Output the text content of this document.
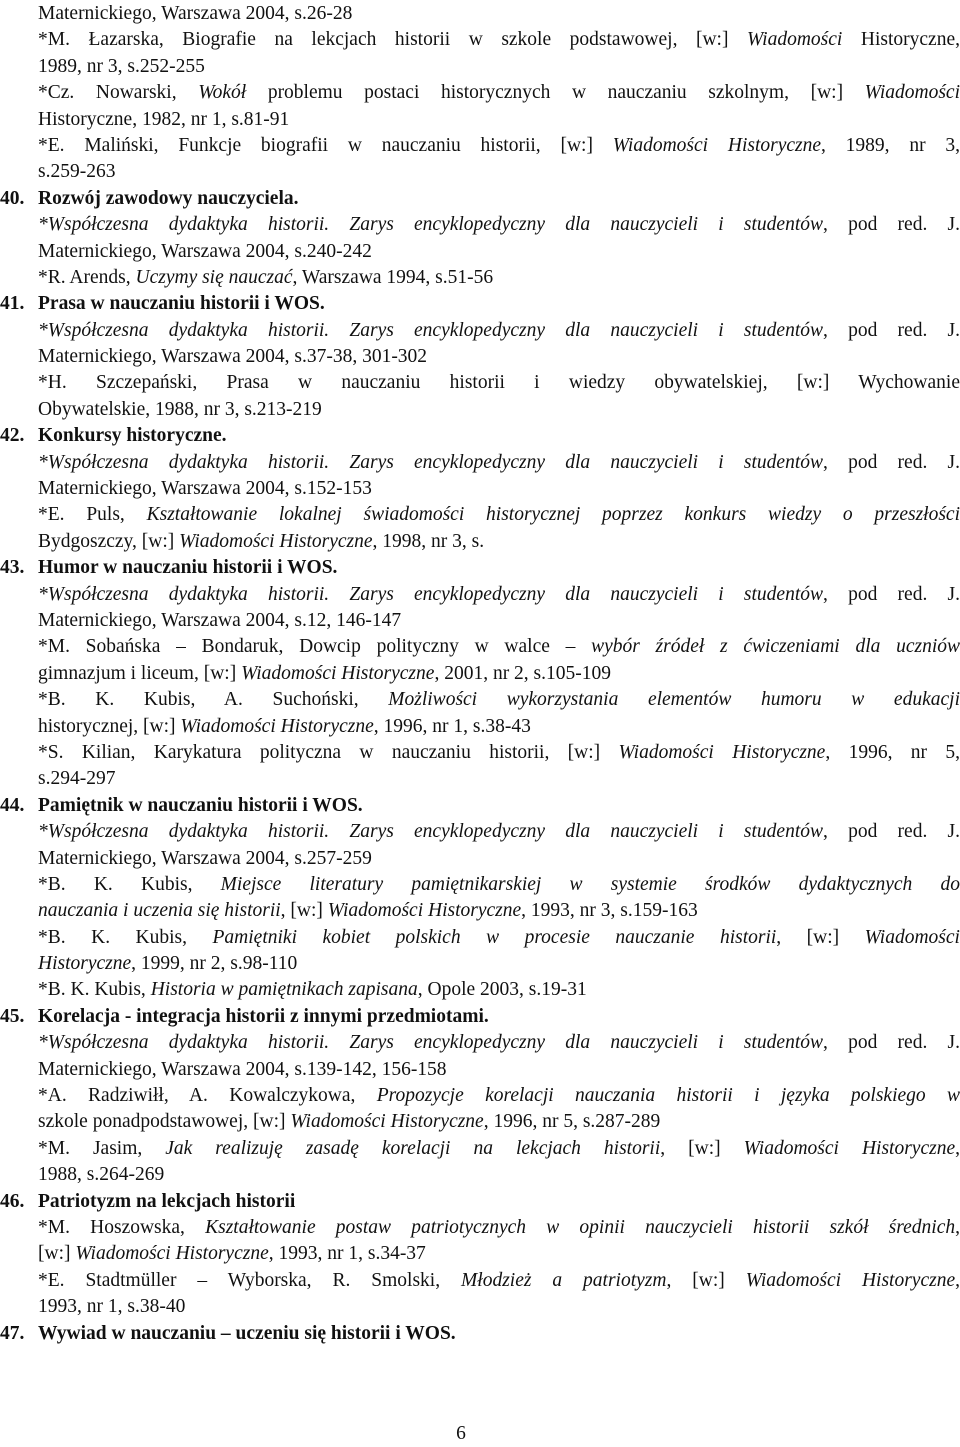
Maternickiego, Warszawa 2004, s.26-28
*M. Łazarska, Biografie na lekcjach historii w szkole podstawowej, [w:] Wiadomości Historyczne,
1989, nr 3, s.252-255
*Cz. Nowarski, Wokół problemu postaci historycznych w nauczaniu szkolnym, [w:] Wiadomości
Historyczne, 1982, nr 1, s.81-91
*E. Maliński, Funkcje biografii w nauczaniu historii, [w:] Wiadomości Historyczne, 1989, nr 3,
s.259-263
40. Rozwój zawodowy nauczyciela.
*Współczesna dydaktyka historii. Zarys encyklopedyczny dla nauczycieli i studentów, pod red. J.
Maternickiego, Warszawa 2004, s.240-242
*R. Arends, Uczymy się nauczać, Warszawa 1994, s.51-56
41. Prasa w nauczaniu historii i WOS.
*Współczesna dydaktyka historii. Zarys encyklopedyczny dla nauczycieli i studentów, pod red. J.
Maternickiego, Warszawa 2004, s.37-38, 301-302
*H. Szczepański, Prasa w nauczaniu historii i wiedzy obywatelskiej, [w:] Wychowanie
Obywatelskie, 1988, nr 3, s.213-219
42. Konkursy historyczne.
*Współczesna dydaktyka historii. Zarys encyklopedyczny dla nauczycieli i studentów, pod red. J.
Maternickiego, Warszawa 2004, s.152-153
*E. Puls, Kształtowanie lokalnej świadomości historycznej poprzez konkurs wiedzy o przeszłości
Bydgoszczy, [w:] Wiadomości Historyczne, 1998, nr 3, s.
43. Humor w nauczaniu historii i WOS.
*Współczesna dydaktyka historii. Zarys encyklopedyczny dla nauczycieli i studentów, pod red. J.
Maternickiego, Warszawa 2004, s.12, 146-147
*M. Sobańska – Bondaruk, Dowcip polityczny w walce – wybór źródeł z ćwiczeniami dla uczniów
gimnazjum i liceum, [w:] Wiadomości Historyczne, 2001, nr 2, s.105-109
*B. K. Kubis, A. Suchoński, Możliwości wykorzystania elementów humoru w edukacji
historycznej, [w:] Wiadomości Historyczne, 1996, nr 1, s.38-43
*S. Kilian, Karykatura polityczna w nauczaniu historii, [w:] Wiadomości Historyczne, 1996, nr 5,
s.294-297
44. Pamiętnik w nauczaniu historii i WOS.
*Współczesna dydaktyka historii. Zarys encyklopedyczny dla nauczycieli i studentów, pod red. J.
Maternickiego, Warszawa 2004, s.257-259
*B. K. Kubis, Miejsce literatury pamiętnikarskiej w systemie środków dydaktycznych do
nauczania i uczenia się historii, [w:] Wiadomości Historyczne, 1993, nr 3, s.159-163
*B. K. Kubis, Pamiętniki kobiet polskich w procesie nauczanie historii, [w:] Wiadomości
Historyczne, 1999, nr 2, s.98-110
*B. K. Kubis, Historia w pamiętnikach zapisana, Opole 2003, s.19-31
45. Korelacja - integracja historii z innymi przedmiotami.
*Współczesna dydaktyka historii. Zarys encyklopedyczny dla nauczycieli i studentów, pod red. J.
Maternickiego, Warszawa 2004, s.139-142, 156-158
*A. Radziwiłł, A. Kowalczykowa, Propozycje korelacji nauczania historii i języka polskiego w
szkole ponadpodstawowej, [w:] Wiadomości Historyczne, 1996, nr 5, s.287-289
*M. Jasim, Jak realizuję zasadę korelacji na lekcjach historii, [w:] Wiadomości Historyczne,
1988, s.264-269
46. Patriotyzm na lekcjach historii
*M. Hoszowska, Kształtowanie postaw patriotycznych w opinii nauczycieli historii szkół średnich,
[w:] Wiadomości Historyczne, 1993, nr 1, s.34-37
*E. Stadtmüller – Wyborska, R. Smolski, Młodzież a patriotyzm, [w:] Wiadomości Historyczne,
1993, nr 1, s.38-40
47. Wywiad w nauczaniu – uczeniu się historii i WOS.
6
